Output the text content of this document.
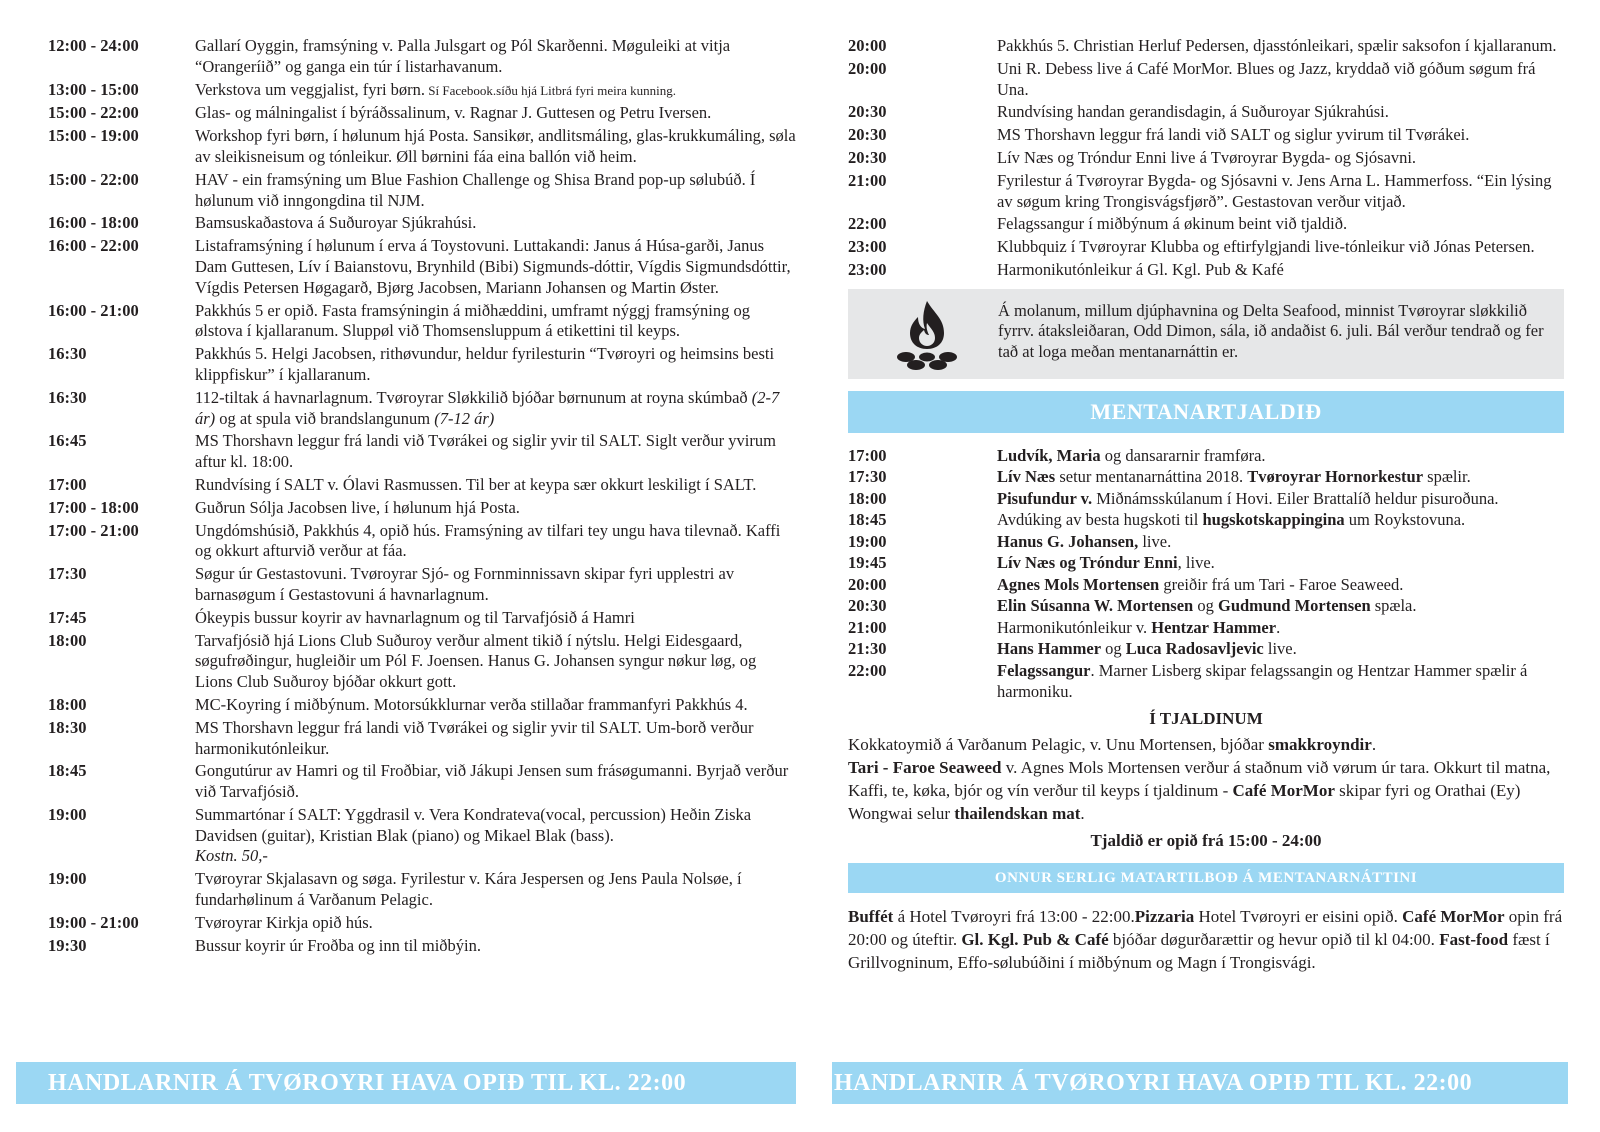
12:00 - 24:00	Gallarí Oyggin, framsýning v. Palla Julsgart og Pól Skarðenni. Møguleiki at vitja “Orangeríið” og ganga ein túr í listarhavanum.
13:00 - 15:00	Verkstova um veggjalist, fyri børn. Sí Facebook.síðu hjá Litbrá fyri meira kunning.
15:00 - 22:00	Glas- og málningalist í býráðssalinum, v. Ragnar J. Guttesen og Petru Iversen.
15:00 - 19:00	Workshop fyri børn, í hølunum hjá Posta. Sansikør, andlitsmáling, glas-krukkumáling, søla av sleikisneisum og tónleikur. Øll børnini fáa eina ballón við heim.
15:00 - 22:00	HAV - ein framsýning um Blue Fashion Challenge og Shisa Brand pop-up sølubúð. Í hølunum við inngongdina til NJM.
16:00 - 18:00	Bamsuskaðastova á Suðuroyar Sjúkrahúsi.
16:00 - 22:00	Listaframsýning í hølunum í erva á Toystovuni. Luttakandi: Janus á Húsa-garði, Janus Dam Guttesen, Lív í Baianstovu, Brynhild (Bibi) Sigmunds-dóttir, Vígdis Sigmundsdóttir, Vígdis Petersen Høgagarð, Bjørg Jacobsen, Mariann Johansen og Martin Øster.
16:00 - 21:00	Pakkhús 5 er opið. Fasta framsýningin á miðhæddini, umframt nýggj framsýning og ølstova í kjallaranum. Sluppøl við Thomsensluppum á etikettini til keyps.
16:30	Pakkhús 5. Helgi Jacobsen, rithøvundur, heldur fyrilesturin “Tvøroyri og heimsins besti klippfiskur” í kjallaranum.
16:30	112-tiltak á havnarlagnum. Tvøroyrar Sløkkilið bjóðar børnunum at royna skúmbað (2-7 ár) og at spula við brandslangunum (7-12 ár)
16:45	MS Thorshavn leggur frá landi við Tvørákei og siglir yvir til SALT. Siglt verður yvirum aftur kl. 18:00.
17:00	Rundvísing í SALT v. Ólavi Rasmussen. Til ber at keypa sær okkurt leskiligt í SALT.
17:00 - 18:00	Guðrun Sólja Jacobsen live, í hølunum hjá Posta.
17:00 - 21:00	Ungdómshúsið, Pakkhús 4, opið hús. Framsýning av tilfari tey ungu hava tilevnað. Kaffi og okkurt afturvið verður at fáa.
17:30	Søgur úr Gestastovuni. Tvøroyrar Sjó- og Fornminnissavn skipar fyri upplestri av barnasøgum í Gestastovuni á havnarlagnum.
17:45	Ókeypis bussur koyrir av havnarlagnum og til Tarvafjósið á Hamri
18:00	Tarvafjósið hjá Lions Club Suðuroy verður alment tikið í nýtslu. Helgi Eidesgaard, søgufrøðingur, hugleiðir um Pól F. Joensen. Hanus G. Johansen syngur nøkur løg, og Lions Club Suðuroy bjóðar okkurt gott.
18:00	MC-Koyring í miðbýnum. Motorsúkklurnar verða stillaðar frammanfyri Pakkhús 4.
18:30	MS Thorshavn leggur frá landi við Tvørákei og siglir yvir til SALT. Um-borð verður harmonikutónleikur.
18:45	Gongutúrur av Hamri og til Froðbiar, við Jákupi Jensen sum frásøgumanni. Byrjað verður við Tarvafjósið.
19:00	Summartónar í SALT: Yggdrasil v. Vera Kondrateva(vocal, percussion) Heðin Ziska Davidsen (guitar), Kristian Blak (piano) og Mikael Blak (bass).
Kostn. 50,-
19:00	Tvøroyrar Skjalasavn og søga. Fyrilestur v. Kára Jespersen og Jens Paula Nolsøe, í fundarhølinum á Varðanum Pelagic.
19:00 - 21:00	Tvøroyrar Kirkja opið hús.
19:30	Bussur koyrir úr Froðba og inn til miðbýin.
20:00	Pakkhús 5. Christian Herluf Pedersen, djasstónleikari, spælir saksofon í kjallaranum.
20:00	Uni R. Debess live á Café MorMor. Blues og Jazz, kryddað við góðum søgum frá Una.
20:30	Rundvísing handan gerandisdagin, á Suðuroyar Sjúkrahúsi.
20:30	MS Thorshavn leggur frá landi við SALT og siglur yvirum til Tvørákei.
20:30	Lív Næs og Tróndur Enni live á Tvøroyrar Bygda- og Sjósavni.
21:00	Fyrilestur á Tvøroyrar Bygda- og Sjósavni v. Jens Arna L. Hammerfoss. “Ein lýsing av søgum kring Trongisvágsfjørð”. Gestastovan verður vitjað.
22:00	Felagssangur í miðbýnum á økinum beint við tjaldið.
23:00	Klubbquiz í Tvøroyrar Klubba og eftirfylgjandi live-tónleikur við Jónas Petersen.
23:00	Harmonikutónleikur á Gl. Kgl. Pub & Kafé
Á molanum, millum djúphavnina og Delta Seafood, minnist Tvøroyrar sløkkilið fyrrv. átaksleiðaran, Odd Dimon, sála, ið andaðist 6. juli. Bál verður tendrað og fer tað at loga meðan mentanarnáttin er.
MENTANARTJALDIÐ
17:00	Ludvík, Maria og dansararnir framføra.
17:30	Lív Næs setur mentanarnáttina 2018. Tvøroyrar Hornorkestur spælir.
18:00	Pisufundur v. Miðnámsskúlanum í Hovi. Eiler Brattalíð heldur pisuroðuna.
18:45	Avdúking av besta hugskoti til hugskotskappingina um Roykstovuna.
19:00	Hanus G. Johansen, live.
19:45	Lív Næs og Tróndur Enni, live.
20:00	Agnes Mols Mortensen greiðir frá um Tari - Faroe Seaweed.
20:30	Elin Súsanna W. Mortensen og Gudmund Mortensen spæla.
21:00	Harmonikutónleikur v. Hentzar Hammer.
21:30	Hans Hammer og Luca Radosavljevic live.
22:00	Felagssangur. Marner Lisberg skipar felagssangin og Hentzar Hammer spælir á harmoniku.
Í TJALDINUM
Kokkatoymið á Varðanum Pelagic, v. Unu Mortensen, bjóðar smakkroyndir.
Tari - Faroe Seaweed v. Agnes Mols Mortensen verður á staðnum við vørum úr tara. Okkurt til matna, Kaffi, te, køka, bjór og vín verður til keyps í tjaldinum - Café MorMor skipar fyri og Orathai (Ey) Wongwai selur thailendskan mat.
Tjaldið er opið frá 15:00 - 24:00
ONNUR SERLIG MATARTILBOÐ Á MENTANARNÁTTINI
Buffét á Hotel Tvøroyri frá 13:00 - 22:00.Pizzaria Hotel Tvøroyri er eisini opið. Café MorMor opin frá 20:00 og úteftir. Gl. Kgl. Pub & Café bjóðar døgurðarættir og hevur opið til kl 04:00. Fast-food fæst í Grillvogninum, Effo-sølubúðini í miðbýnum og Magn í Trongisvági.
HANDLARNIR Á TVØROYRI HAVA OPIÐ TIL KL. 22:00	HANDLARNIR Á TVØROYRI HAVA OPIÐ TIL KL. 22:00
